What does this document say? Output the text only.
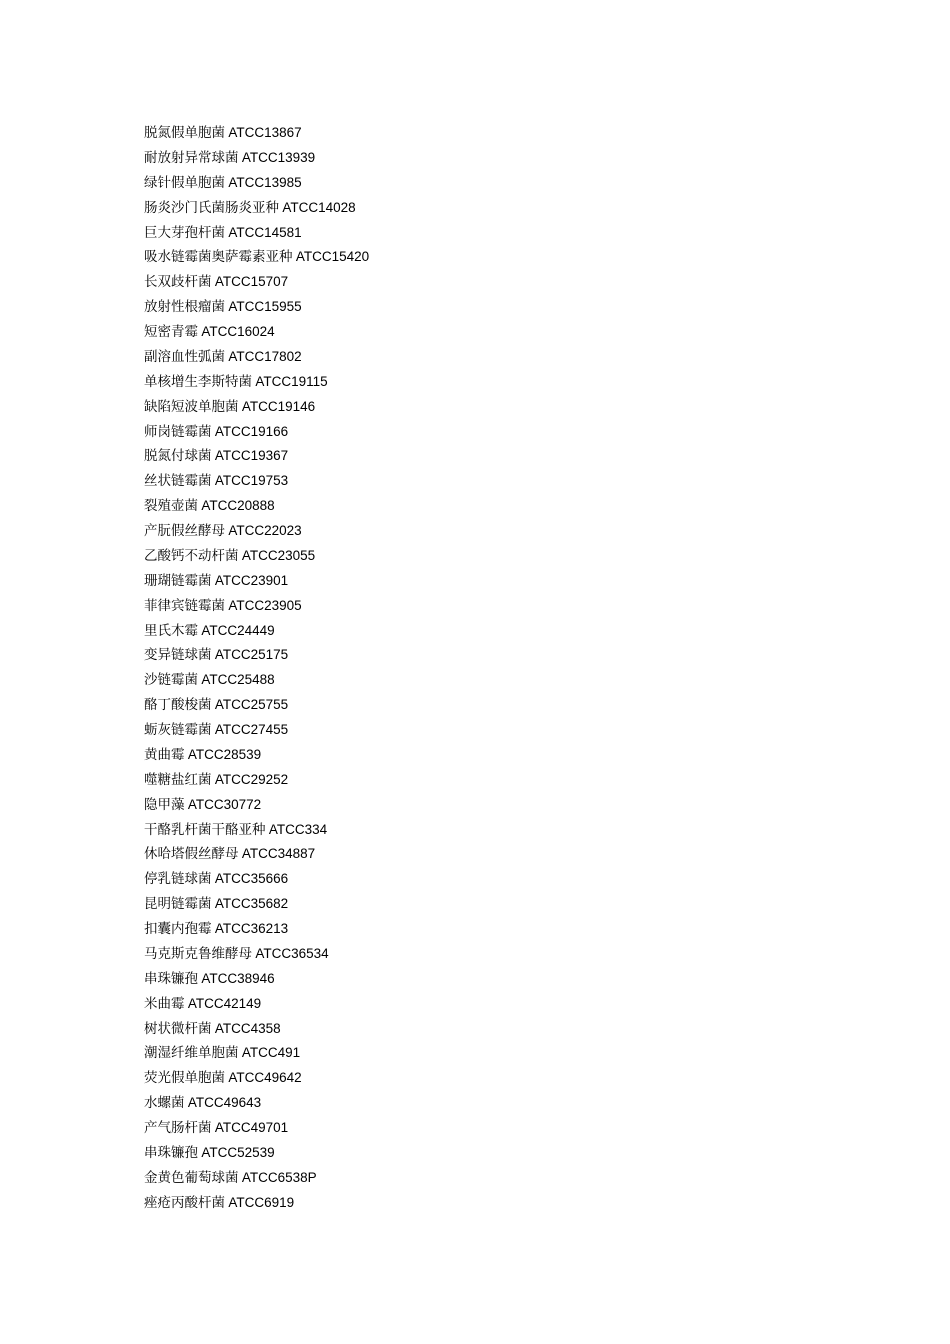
脱氮假单胞菌 ATCC13867
耐放射异常球菌 ATCC13939
绿针假单胞菌 ATCC13985
肠炎沙门氏菌肠炎亚种 ATCC14028
巨大芽孢杆菌 ATCC14581
吸水链霉菌奥萨霉素亚种 ATCC15420
长双歧杆菌 ATCC15707
放射性根瘤菌 ATCC15955
短密青霉 ATCC16024
副溶血性弧菌 ATCC17802
单核增生李斯特菌 ATCC19115
缺陷短波单胞菌 ATCC19146
师岗链霉菌 ATCC19166
脱氮付球菌 ATCC19367
丝状链霉菌 ATCC19753
裂殖壶菌 ATCC20888
产朊假丝酵母 ATCC22023
乙酸钙不动杆菌 ATCC23055
珊瑚链霉菌 ATCC23901
菲律宾链霉菌 ATCC23905
里氏木霉 ATCC24449
变异链球菌 ATCC25175
沙链霉菌 ATCC25488
酪丁酸梭菌 ATCC25755
蛎灰链霉菌 ATCC27455
黄曲霉 ATCC28539
噬糖盐红菌 ATCC29252
隐甲藻 ATCC30772
干酪乳杆菌干酪亚种 ATCC334
休哈塔假丝酵母 ATCC34887
停乳链球菌 ATCC35666
昆明链霉菌 ATCC35682
扣囊内孢霉 ATCC36213
马克斯克鲁维酵母 ATCC36534
串珠镰孢 ATCC38946
米曲霉 ATCC42149
树状微杆菌 ATCC4358
潮湿纤维单胞菌 ATCC491
荧光假单胞菌 ATCC49642
水螺菌 ATCC49643
产气肠杆菌 ATCC49701
串珠镰孢 ATCC52539
金黄色葡萄球菌 ATCC6538P
痤疮丙酸杆菌 ATCC6919
